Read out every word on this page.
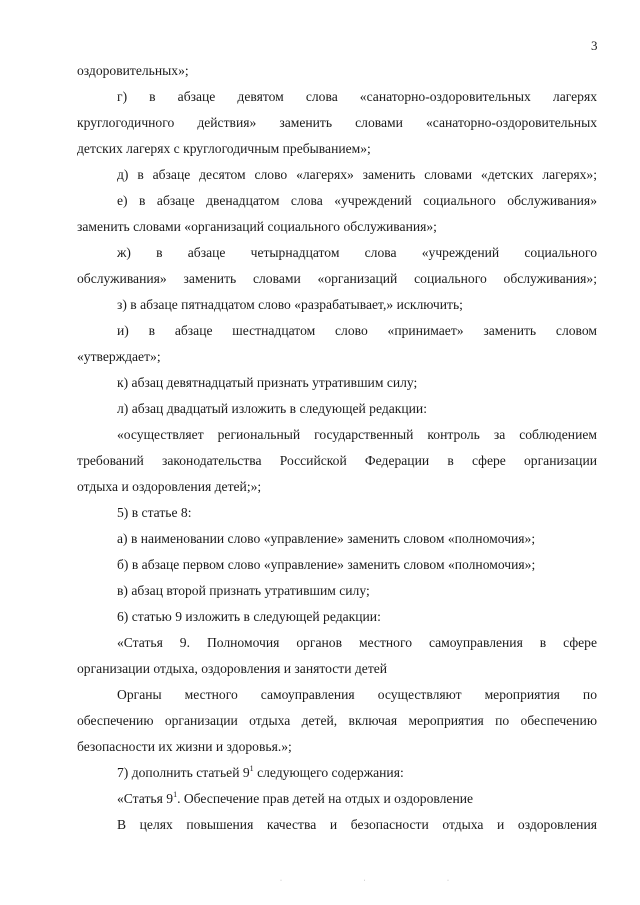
3
оздоровительных»;
г) в абзаце девятом слова «санаторно-оздоровительных лагерях
круглогодичного действия» заменить словами «санаторно-оздоровительных
детских лагерях с круглогодичным пребыванием»;
д) в абзаце десятом слово «лагерях» заменить словами «детских лагерях»;
е) в абзаце двенадцатом слова «учреждений социального обслуживания»
заменить словами «организаций социального обслуживания»;
ж) в абзаце четырнадцатом слова «учреждений социального
обслуживания» заменить словами «организаций социального обслуживания»;
з) в абзаце пятнадцатом слово «разрабатывает,» исключить;
и) в абзаце шестнадцатом слово «принимает» заменить словом
«утверждает»;
к) абзац девятнадцатый признать утратившим силу;
л) абзац двадцатый изложить в следующей редакции:
«осуществляет региональный государственный контроль за соблюдением
требований законодательства Российской Федерации в сфере организации
отдыха и оздоровления детей;»;
5) в статье 8:
а) в наименовании слово «управление» заменить словом «полномочия»;
б) в абзаце первом слово «управление» заменить словом «полномочия»;
в) абзац второй признать утратившим силу;
6) статью 9 изложить в следующей редакции:
«Статья 9. Полномочия органов местного самоуправления в сфере
организации отдыха, оздоровления и занятости детей
Органы местного самоуправления осуществляют мероприятия по
обеспечению организации отдыха детей, включая мероприятия по обеспечению
безопасности их жизни и здоровья.»;
7) дополнить статьей $9^1$ следующего содержания:
«Статья $9^1$. Обеспечение прав детей на отдых и оздоровление
В целях повышения качества и безопасности отдыха и оздоровления
· · ·
